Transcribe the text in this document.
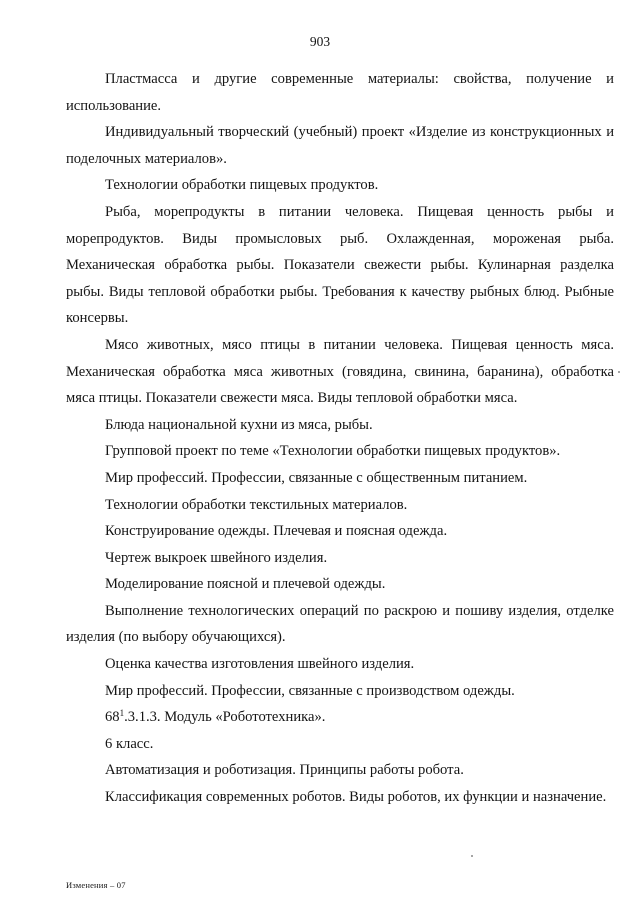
903

Пластмасса и другие современные материалы: свойства, получение и использование.

Индивидуальный творческий (учебный) проект «Изделие из конструкционных и поделочных материалов».

Технологии обработки пищевых продуктов.

Рыба, морепродукты в питании человека. Пищевая ценность рыбы и морепродуктов. Виды промысловых рыб. Охлажденная, мороженая рыба. Механическая обработка рыбы. Показатели свежести рыбы. Кулинарная разделка рыбы. Виды тепловой обработки рыбы. Требования к качеству рыбных блюд. Рыбные консервы.

Мясо животных, мясо птицы в питании человека. Пищевая ценность мяса. Механическая обработка мяса животных (говядина, свинина, баранина), обработка мяса птицы. Показатели свежести мяса. Виды тепловой обработки мяса.

Блюда национальной кухни из мяса, рыбы.

Групповой проект по теме «Технологии обработки пищевых продуктов».

Мир профессий. Профессии, связанные с общественным питанием.

Технологии обработки текстильных материалов.

Конструирование одежды. Плечевая и поясная одежда.

Чертеж выкроек швейного изделия.

Моделирование поясной и плечевой одежды.

Выполнение технологических операций по раскрою и пошиву изделия, отделке изделия (по выбору обучающихся).

Оценка качества изготовления швейного изделия.

Мир профессий. Профессии, связанные с производством одежды.

$68^1.3.1.3$. Модуль «Робототехника».

6 класс.

Автоматизация и роботизация. Принципы работы робота.

Классификация современных роботов. Виды роботов, их функции и назначение.

Изменения – 07
